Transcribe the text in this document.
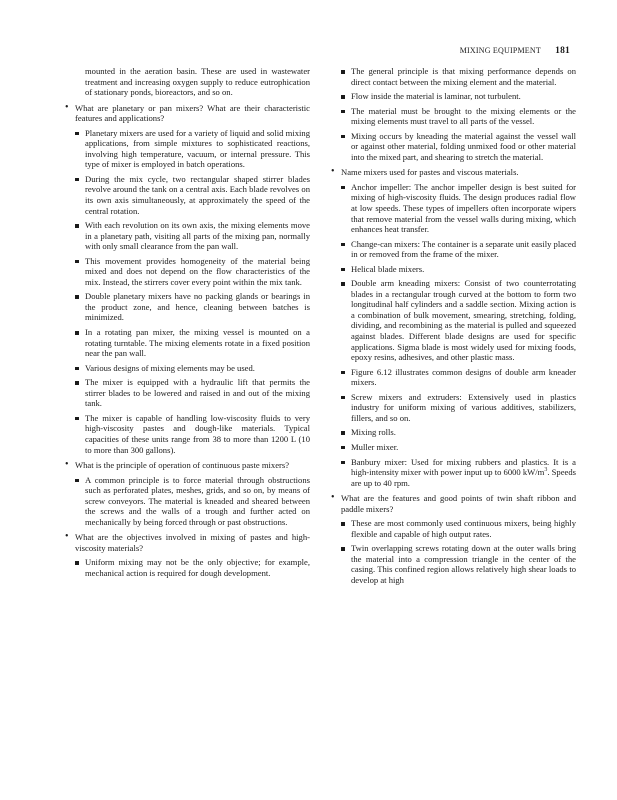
MIXING EQUIPMENT 181

mounted in the aeration basin. These are used in wastewater treatment and increasing oxygen supply to reduce eutrophication of stationary ponds, bioreactors, and so on.

• What are planetary or pan mixers? What are their characteristic features and applications?

Planetary mixers are used for a variety of liquid and solid mixing applications, from simple mixtures to sophisticated reactions, involving high temperature, vacuum, or internal pressure. This type of mixer is employed in batch operations.

During the mix cycle, two rectangular shaped stirrer blades revolve around the tank on a central axis. Each blade revolves on its own axis simultaneously, at approximately the speed of the central rotation.

With each revolution on its own axis, the mixing elements move in a planetary path, visiting all parts of the mixing pan, normally with only small clearance from the pan wall.

This movement provides homogeneity of the material being mixed and does not depend on the flow characteristics of the mix. Instead, the stirrers cover every point within the mix tank.

Double planetary mixers have no packing glands or bearings in the product zone, and hence, cleaning between batches is minimized.

In a rotating pan mixer, the mixing vessel is mounted on a rotating turntable. The mixing elements rotate in a fixed position near the pan wall.

Various designs of mixing elements may be used.

The mixer is equipped with a hydraulic lift that permits the stirrer blades to be lowered and raised in and out of the mixing tank.

The mixer is capable of handling low-viscosity fluids to very high-viscosity pastes and dough-like materials. Typical capacities of these units range from 38 to more than 1200 L (10 to more than 300 gallons).

• What is the principle of operation of continuous paste mixers?

A common principle is to force material through obstructions such as perforated plates, meshes, grids, and so on, by means of screw conveyors. The material is kneaded and sheared between the screws and the walls of a trough and further acted on mechanically by being forced through or past obstructions.

• What are the objectives involved in mixing of pastes and high-viscosity materials?

Uniform mixing may not be the only objective; for example, mechanical action is required for dough development.

The general principle is that mixing performance depends on direct contact between the mixing element and the material.

Flow inside the material is laminar, not turbulent.

The material must be brought to the mixing elements or the mixing elements must travel to all parts of the vessel.

Mixing occurs by kneading the material against the vessel wall or against other material, folding unmixed food or other material into the mixed part, and shearing to stretch the material.

• Name mixers used for pastes and viscous materials.

Anchor impeller: The anchor impeller design is best suited for mixing of high-viscosity fluids. The design produces radial flow at low speeds. These types of impellers often incorporate wipers that remove material from the vessel walls during mixing, which enhances heat transfer.

Change-can mixers: The container is a separate unit easily placed in or removed from the frame of the mixer.

Helical blade mixers.

Double arm kneading mixers: Consist of two counterrotating blades in a rectangular trough curved at the bottom to form two longitudinal half cylinders and a saddle section. Mixing action is a combination of bulk movement, smearing, stretching, folding, dividing, and recombining as the material is pulled and squeezed against blades. Different blade designs are used for specific applications. Sigma blade is most widely used for mixing foods, epoxy resins, adhesives, and other plastic mass.

Figure 6.12 illustrates common designs of double arm kneader mixers.

Screw mixers and extruders: Extensively used in plastics industry for uniform mixing of various additives, stabilizers, fillers, and so on.

Mixing rolls.

Muller mixer.

Banbury mixer: Used for mixing rubbers and plastics. It is a high-intensity mixer with power input up to 6000 $kW/m^3$. Speeds are up to 40 rpm.

• What are the features and good points of twin shaft ribbon and paddle mixers?

These are most commonly used continuous mixers, being highly flexible and capable of high output rates.

Twin overlapping screws rotating down at the outer walls bring the material into a compression triangle in the center of the casing. This confined region allows relatively high shear loads to develop at high
